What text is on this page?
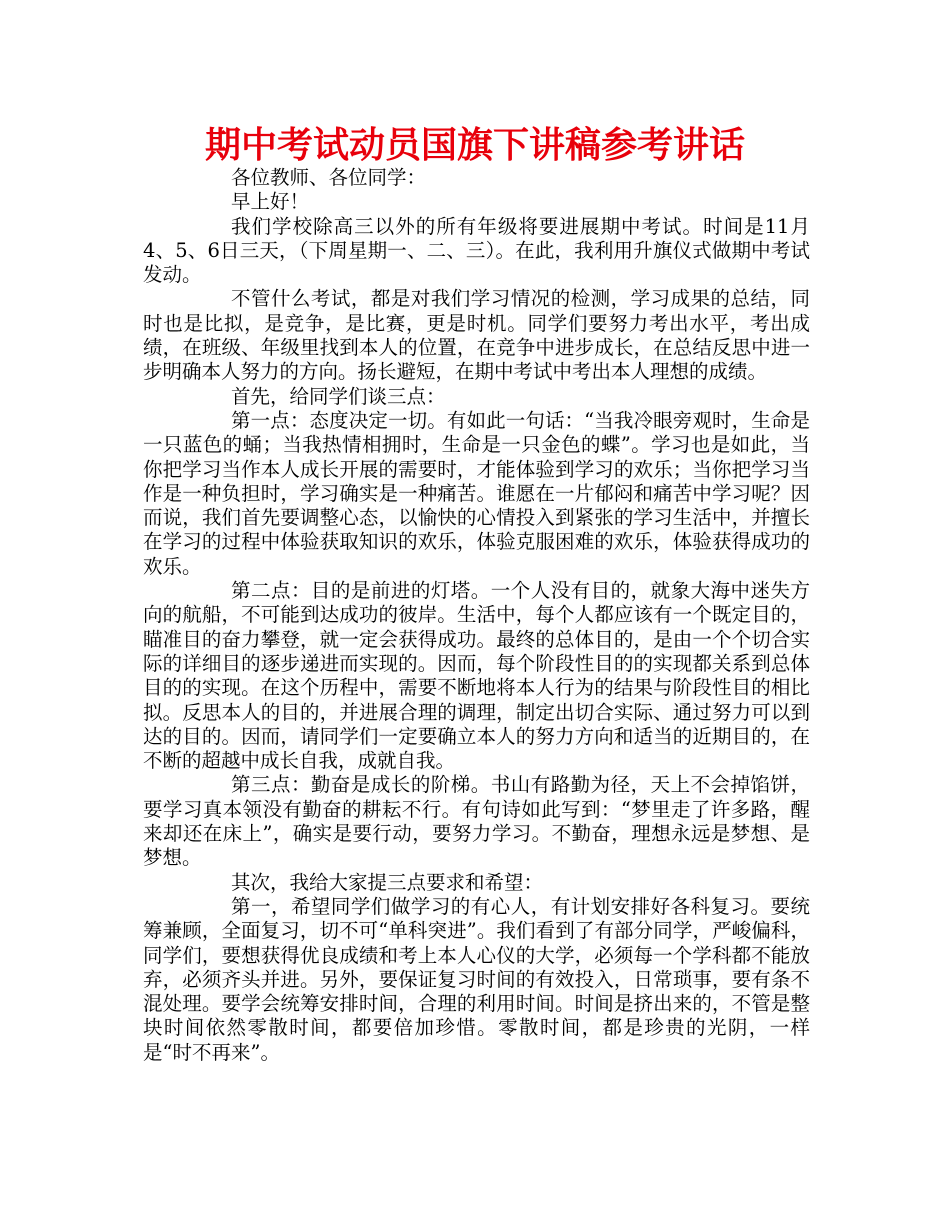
期中考试动员国旗下讲稿参考讲话

各位教师、各位同学：

早上好！

我们学校除高三以外的所有年级将要进展期中考试。时间是11月4、5、6日三天，（下周星期一、二、三）。在此，我利用升旗仪式做期中考试发动。

不管什么考试，都是对我们学习情况的检测，学习成果的总结，同时也是比拟，是竞争，是比赛，更是时机。同学们要努力考出水平，考出成绩，在班级、年级里找到本人的位置，在竞争中进步成长，在总结反思中进一步明确本人努力的方向。扬长避短，在期中考试中考出本人理想的成绩。

首先，给同学们谈三点：

第一点：态度决定一切。有如此一句话：“当我冷眼旁观时，生命是一只蓝色的蛹；当我热情相拥时，生命是一只金色的蝶”。学习也是如此，当你把学习当作本人成长开展的需要时，才能体验到学习的欢乐；当你把学习当作是一种负担时，学习确实是一种痛苦。谁愿在一片郁闷和痛苦中学习呢？因而说，我们首先要调整心态，以愉快的心情投入到紧张的学习生活中，并擅长在学习的过程中体验获取知识的欢乐，体验克服困难的欢乐，体验获得成功的欢乐。

第二点：目的是前进的灯塔。一个人没有目的，就象大海中迷失方向的航船，不可能到达成功的彼岸。生活中，每个人都应该有一个既定目的，瞄准目的奋力攀登，就一定会获得成功。最终的总体目的，是由一个个切合实际的详细目的逐步递进而实现的。因而，每个阶段性目的的实现都关系到总体目的的实现。在这个历程中，需要不断地将本人行为的结果与阶段性目的相比拟。反思本人的目的，并进展合理的调理，制定出切合实际、通过努力可以到达的目的。因而，请同学们一定要确立本人的努力方向和适当的近期目的，在不断的超越中成长自我，成就自我。

第三点：勤奋是成长的阶梯。书山有路勤为径，天上不会掉馅饼，要学习真本领没有勤奋的耕耘不行。有句诗如此写到：“梦里走了许多路，醒来却还在床上”，确实是要行动，要努力学习。不勤奋，理想永远是梦想、是梦想。

其次，我给大家提三点要求和希望：

第一，希望同学们做学习的有心人，有计划安排好各科复习。要统筹兼顾，全面复习，切不可“单科突进”。我们看到了有部分同学，严峻偏科，同学们，要想获得优良成绩和考上本人心仪的大学，必须每一个学科都不能放弃，必须齐头并进。另外，要保证复习时间的有效投入，日常琐事，要有条不混处理。要学会统筹安排时间，合理的利用时间。时间是挤出来的，不管是整块时间依然零散时间，都要倍加珍惜。零散时间，都是珍贵的光阴，一样是“时不再来”。
